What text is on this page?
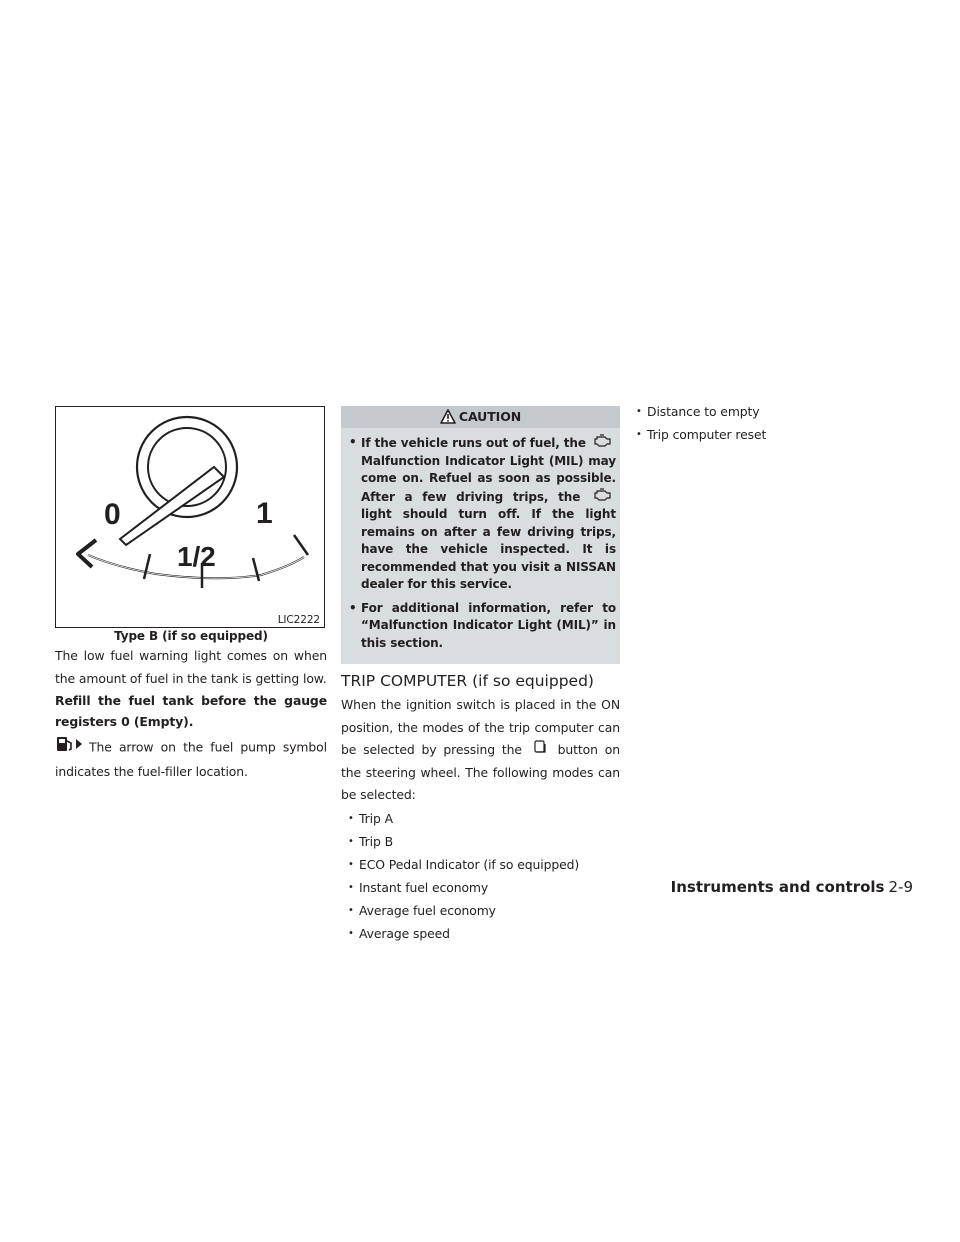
0
1/2
1
LIC2222
Type B (if so equipped)

The low fuel warning light comes on when the amount of fuel in the tank is getting low.

Refill the fuel tank before the gauge registers 0 (Empty).

The arrow on the fuel pump symbol indicates the fuel-filler location.

CAUTION
• If the vehicle runs out of fuel, the  Malfunction Indicator Light (MIL) may come on. Refuel as soon as possible. After a few driving trips, the  light should turn off. If the light remains on after a few driving trips, have the vehicle inspected. It is recommended that you visit a NISSAN dealer for this service.
• For additional information, refer to “Malfunction Indicator Light (MIL)” in this section.
TRIP COMPUTER (if so equipped)

When the ignition switch is placed in the ON position, the modes of the trip computer can be selected by pressing the	button on the steering wheel. The following modes can be selected:

• Trip A
• Trip B
• ECO Pedal Indicator (if so equipped)
• Instant fuel economy
• Average fuel economy
• Average speed
• Distance to empty
• Trip computer reset
Instruments and controls 2-9
